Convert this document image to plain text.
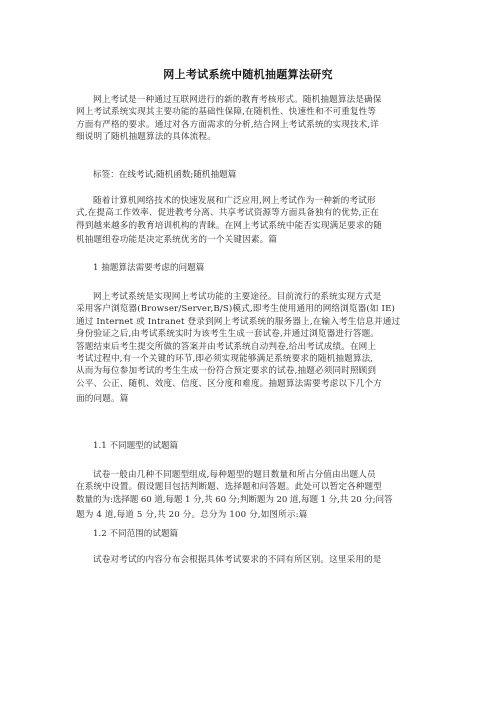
网上考试系统中随机抽题算法研究
网上考试是一种通过互联网进行的新的教育考核形式。随机抽题算法是确保
网上考试系统实现其主要功能的基础性保障,在随机性、快速性和不可重复性等
方面有严格的要求。通过对各方面需求的分析,结合网上考试系统的实现技术,详
细说明了随机抽题算法的具体流程。
标签：在线考试;随机函数;随机抽题篇
随着计算机网络技术的快速发展和广泛应用,网上考试作为一种新的考试形
式,在提高工作效率、促进教考分离、共享考试资源等方面具备独有的优势,正在
得到越来越多的教育培训机构的青睐。在网上考试系统中能否实现满足要求的随
机抽题组卷功能是决定系统优劣的一个关键因素。篇
1 抽题算法需要考虑的问题篇
网上考试系统是实现网上考试功能的主要途径。目前流行的系统实现方式是
采用客户浏览器(Browser/Server,B/S)模式,即考生使用通用的网络浏览器(如 IE)
通过 Internet 或 Intranet 登录到网上考试系统的服务器上,在输入考生信息并通过
身份验证之后,由考试系统实时为该考生生成一套试卷,并通过浏览器进行答题。
答题结束后考生提交所做的答案并由考试系统自动判卷,给出考试成绩。在网上
考试过程中,有一个关键的环节,即必须实现能够满足系统要求的随机抽题算法,
从而为每位参加考试的考生生成一份符合预定要求的试卷,抽题必须同时照顾到
公平、公正、随机、效度、信度、区分度和难度。抽题算法需要考虑以下几个方
面的问题。篇
1.1 不同题型的试题篇
试卷一般由几种不同题型组成,每种题型的题目数量和所占分值由出题人员
在系统中设置。假设题目包括判断题、选择题和问答题。此处可以暂定各种题型
数量的为:选择题 60 道,每题 1 分,共 60 分;判断题为 20 道,每题 1 分,共 20 分;问答
题为 4 道,每道 5 分,共 20 分。总分为 100 分,如图所示:篇
1.2 不同范围的试题篇
试卷对考试的内容分布会根据具体考试要求的不同有所区别。这里采用的是
